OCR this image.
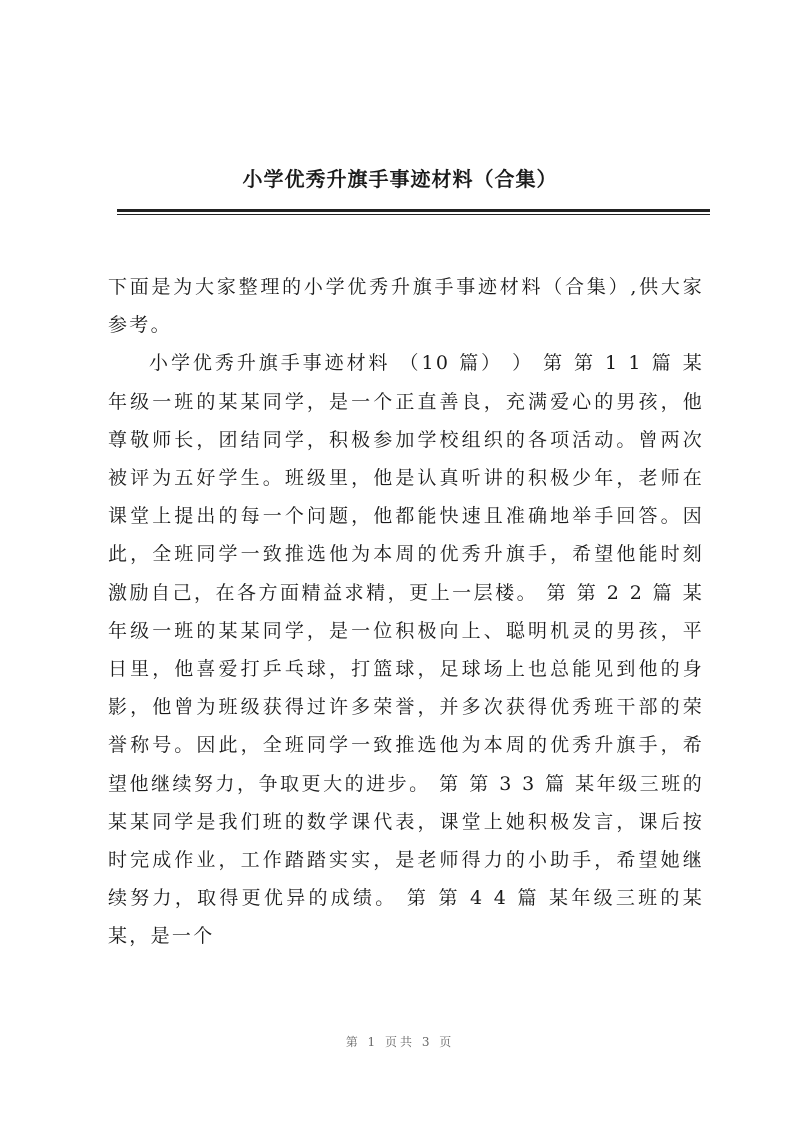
小学优秀升旗手事迹材料（合集）

下面是为大家整理的小学优秀升旗手事迹材料（合集）,供大家参考。

小学优秀升旗手事迹材料 （10 篇） ） 第 第 1 1 篇 某年级一班的某某同学，是一个正直善良，充满爱心的男孩，他尊敬师长，团结同学，积极参加学校组织的各项活动。曾两次被评为五好学生。班级里，他是认真听讲的积极少年，老师在课堂上提出的每一个问题，他都能快速且准确地举手回答。因此，全班同学一致推选他为本周的优秀升旗手，希望他能时刻激励自己，在各方面精益求精，更上一层楼。 第 第 2 2 篇 某年级一班的某某同学，是一位积极向上、聪明机灵的男孩，平日里，他喜爱打乒乓球，打篮球，足球场上也总能见到他的身影，他曾为班级获得过许多荣誉，并多次获得优秀班干部的荣誉称号。因此，全班同学一致推选他为本周的优秀升旗手，希望他继续努力，争取更大的进步。 第 第 3 3 篇 某年级三班的某某同学是我们班的数学课代表，课堂上她积极发言，课后按时完成作业，工作踏踏实实，是老师得力的小助手，希望她继续努力，取得更优异的成绩。 第 第 4 4 篇 某年级三班的某某，是一个

第 1 页共 3 页
